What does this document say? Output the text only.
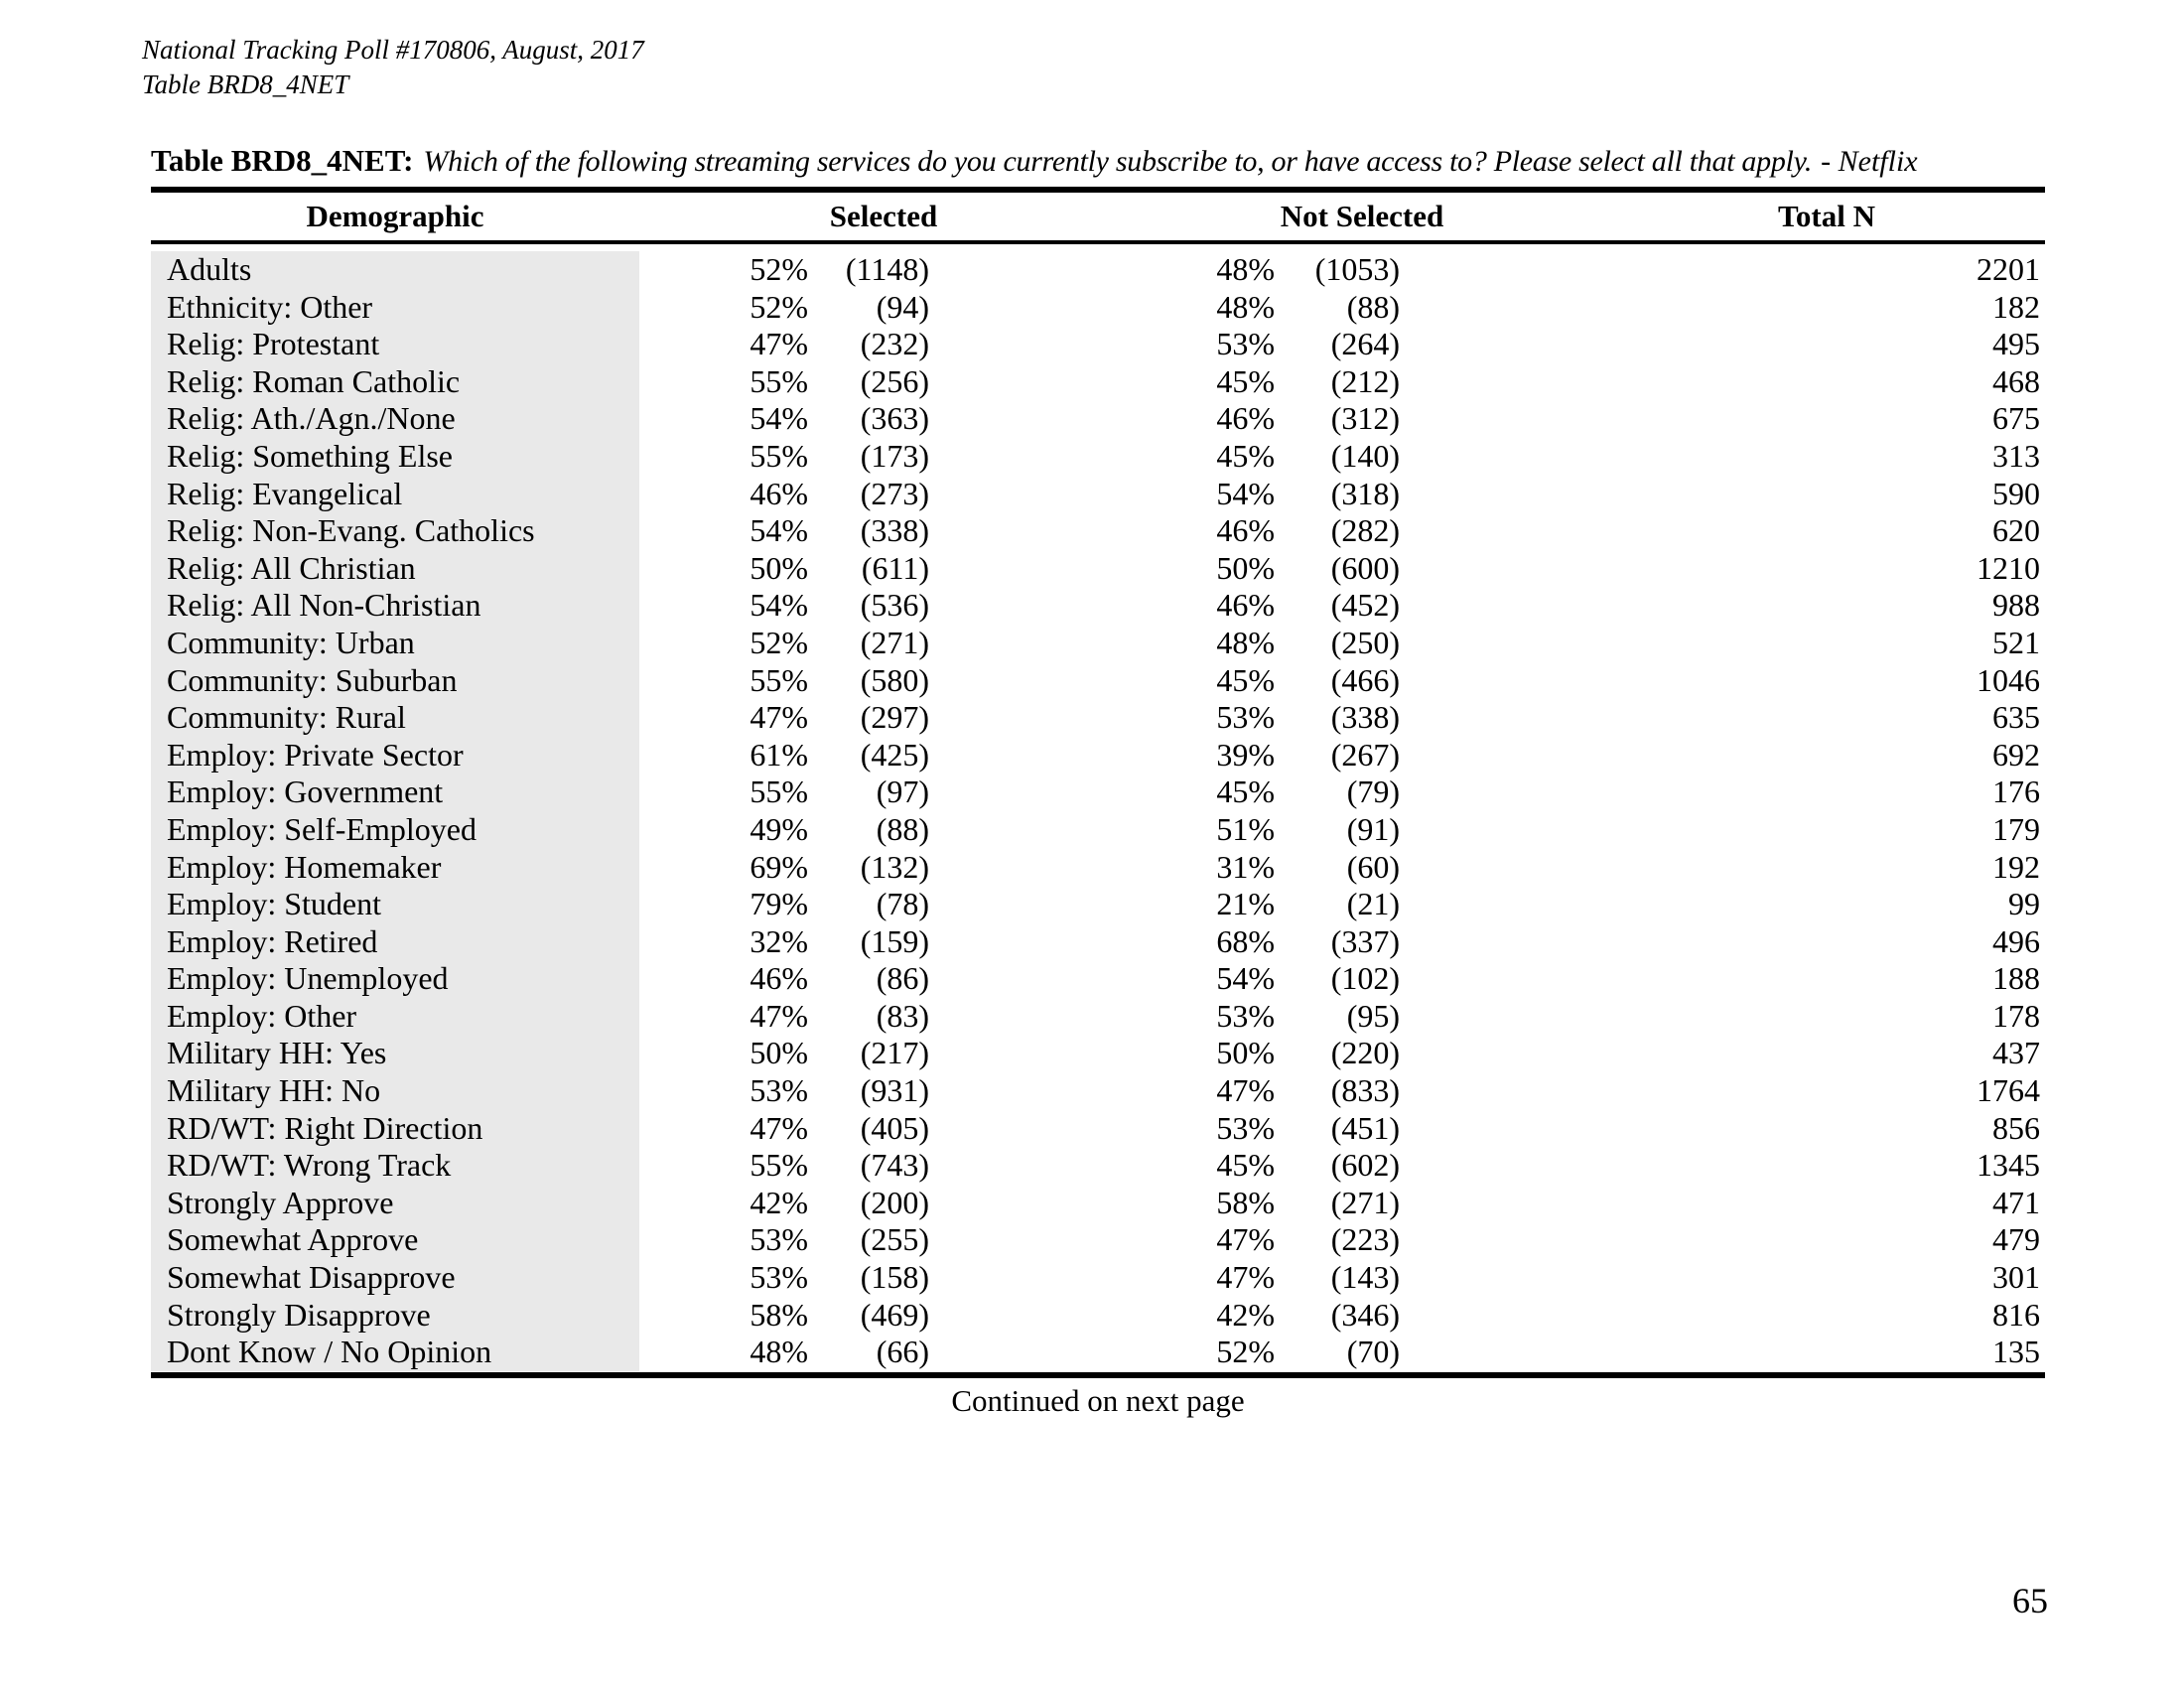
National Tracking Poll #170806, August, 2017
Table BRD8_4NET
Table BRD8_4NET: Which of the following streaming services do you currently subscribe to, or have access to? Please select all that apply. - Netflix
Demographic	Selected	Not Selected	Total N
Adults	52%	(1148)	48%	(1053)	2201
Ethnicity: Other	52%	(94)	48%	(88)	182
Relig: Protestant	47%	(232)	53%	(264)	495
Relig: Roman Catholic	55%	(256)	45%	(212)	468
Relig: Ath./Agn./None	54%	(363)	46%	(312)	675
Relig: Something Else	55%	(173)	45%	(140)	313
Relig: Evangelical	46%	(273)	54%	(318)	590
Relig: Non-Evang. Catholics	54%	(338)	46%	(282)	620
Relig: All Christian	50%	(611)	50%	(600)	1210
Relig: All Non-Christian	54%	(536)	46%	(452)	988
Community: Urban	52%	(271)	48%	(250)	521
Community: Suburban	55%	(580)	45%	(466)	1046
Community: Rural	47%	(297)	53%	(338)	635
Employ: Private Sector	61%	(425)	39%	(267)	692
Employ: Government	55%	(97)	45%	(79)	176
Employ: Self-Employed	49%	(88)	51%	(91)	179
Employ: Homemaker	69%	(132)	31%	(60)	192
Employ: Student	79%	(78)	21%	(21)	99
Employ: Retired	32%	(159)	68%	(337)	496
Employ: Unemployed	46%	(86)	54%	(102)	188
Employ: Other	47%	(83)	53%	(95)	178
Military HH: Yes	50%	(217)	50%	(220)	437
Military HH: No	53%	(931)	47%	(833)	1764
RD/WT: Right Direction	47%	(405)	53%	(451)	856
RD/WT: Wrong Track	55%	(743)	45%	(602)	1345
Strongly Approve	42%	(200)	58%	(271)	471
Somewhat Approve	53%	(255)	47%	(223)	479
Somewhat Disapprove	53%	(158)	47%	(143)	301
Strongly Disapprove	58%	(469)	42%	(346)	816
Dont Know / No Opinion	48%	(66)	52%	(70)	135
Continued on next page
65
